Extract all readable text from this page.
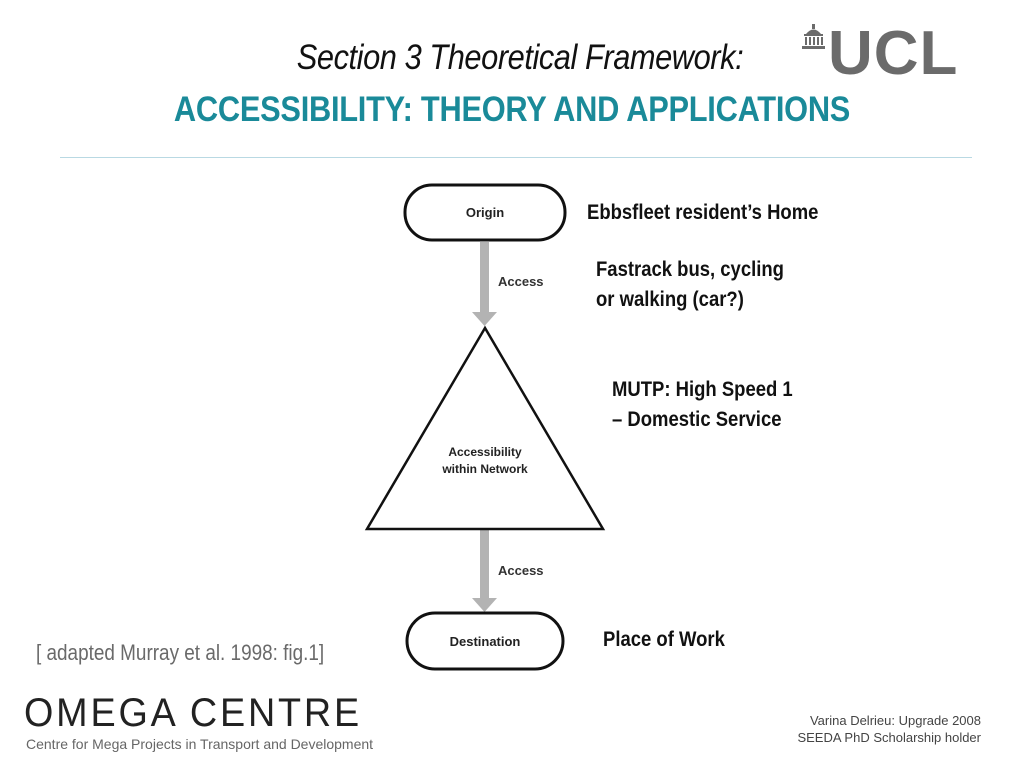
Section 3 Theoretical Framework:
ACCESSIBILITY: THEORY AND APPLICATIONS
UCL
Origin
Access
Accessibility
within Network
Access
Destination
Ebbsfleet resident’s Home
Fastrack bus, cycling
or walking (car?)
MUTP: High Speed 1
– Domestic Service
Place of Work
[ adapted Murray et al. 1998: fig.1]
OMEGA CENTRE
Centre for Mega Projects in Transport and Development
Varina Delrieu: Upgrade 2008
SEEDA PhD Scholarship holder
